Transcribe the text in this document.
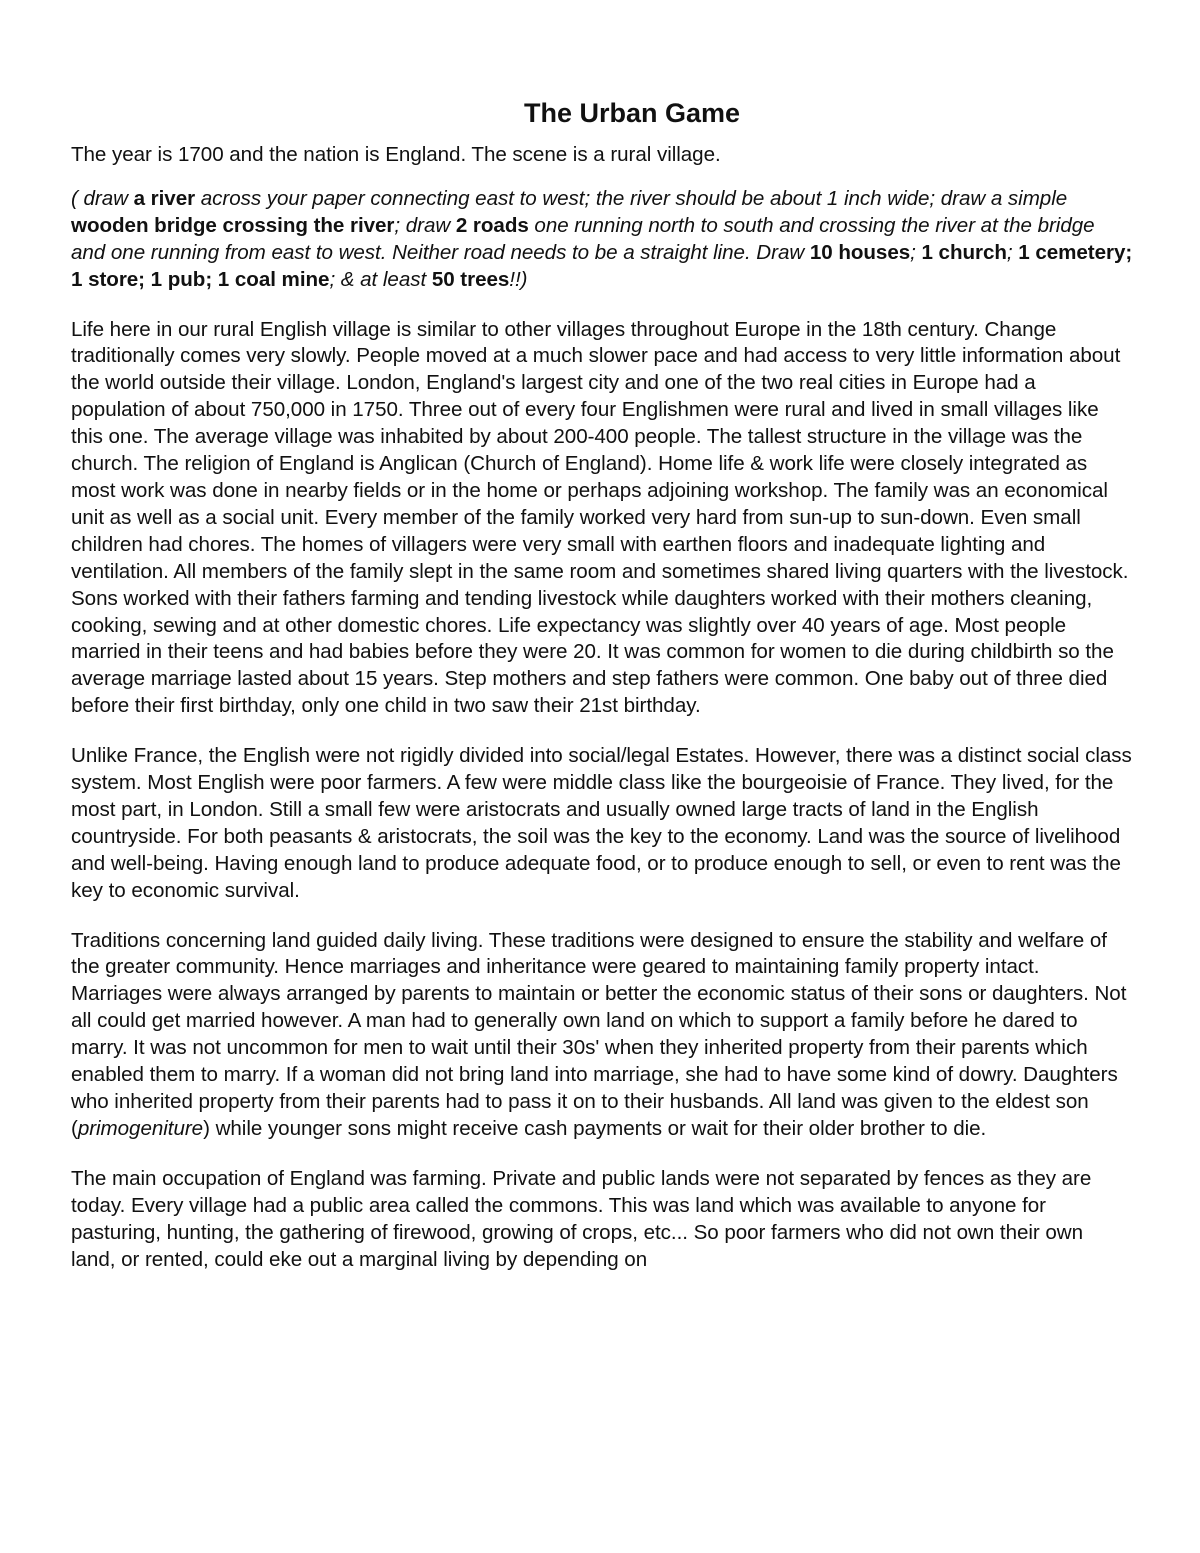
The Urban Game

The year is 1700 and the nation is England. The scene is a rural village.

( draw a river across your paper connecting east to west; the river should be about 1 inch wide; draw a simple wooden bridge crossing the river; draw 2 roads one running north to south and crossing the river at the bridge and one running from east to west. Neither road needs to be a straight line. Draw 10 houses; 1 church; 1 cemetery; 1 store; 1 pub; 1 coal mine; & at least 50 trees!!)

Life here in our rural English village is similar to other villages throughout Europe in the 18th century. Change traditionally comes very slowly. People moved at a much slower pace and had access to very little information about the world outside their village. London, England's largest city and one of the two real cities in Europe had a population of about 750,000 in 1750. Three out of every four Englishmen were rural and lived in small villages like this one. The average village was inhabited by about 200-400 people. The tallest structure in the village was the church. The religion of England is Anglican (Church of England). Home life & work life were closely integrated as most work was done in nearby fields or in the home or perhaps adjoining workshop. The family was an economical unit as well as a social unit. Every member of the family worked very hard from sun-up to sun-down. Even small children had chores. The homes of villagers were very small with earthen floors and inadequate lighting and ventilation. All members of the family slept in the same room and sometimes shared living quarters with the livestock. Sons worked with their fathers farming and tending livestock while daughters worked with their mothers cleaning, cooking, sewing and at other domestic chores. Life expectancy was slightly over 40 years of age. Most people married in their teens and had babies before they were 20. It was common for women to die during childbirth so the average marriage lasted about 15 years. Step mothers and step fathers were common. One baby out of three died before their first birthday, only one child in two saw their 21st birthday.

Unlike France, the English were not rigidly divided into social/legal Estates. However, there was a distinct social class system. Most English were poor farmers. A few were middle class like the bourgeoisie of France. They lived, for the most part, in London. Still a small few were aristocrats and usually owned large tracts of land in the English countryside. For both peasants & aristocrats, the soil was the key to the economy. Land was the source of livelihood and well-being. Having enough land to produce adequate food, or to produce enough to sell, or even to rent was the key to economic survival.

Traditions concerning land guided daily living. These traditions were designed to ensure the stability and welfare of the greater community. Hence marriages and inheritance were geared to maintaining family property intact. Marriages were always arranged by parents to maintain or better the economic status of their sons or daughters. Not all could get married however. A man had to generally own land on which to support a family before he dared to marry. It was not uncommon for men to wait until their 30s' when they inherited property from their parents which enabled them to marry. If a woman did not bring land into marriage, she had to have some kind of dowry. Daughters who inherited property from their parents had to pass it on to their husbands. All land was given to the eldest son (primogeniture) while younger sons might receive cash payments or wait for their older brother to die.

The main occupation of England was farming. Private and public lands were not separated by fences as they are today. Every village had a public area called the commons. This was land which was available to anyone for pasturing, hunting, the gathering of firewood, growing of crops, etc... So poor farmers who did not own their own land, or rented, could eke out a marginal living by depending on
